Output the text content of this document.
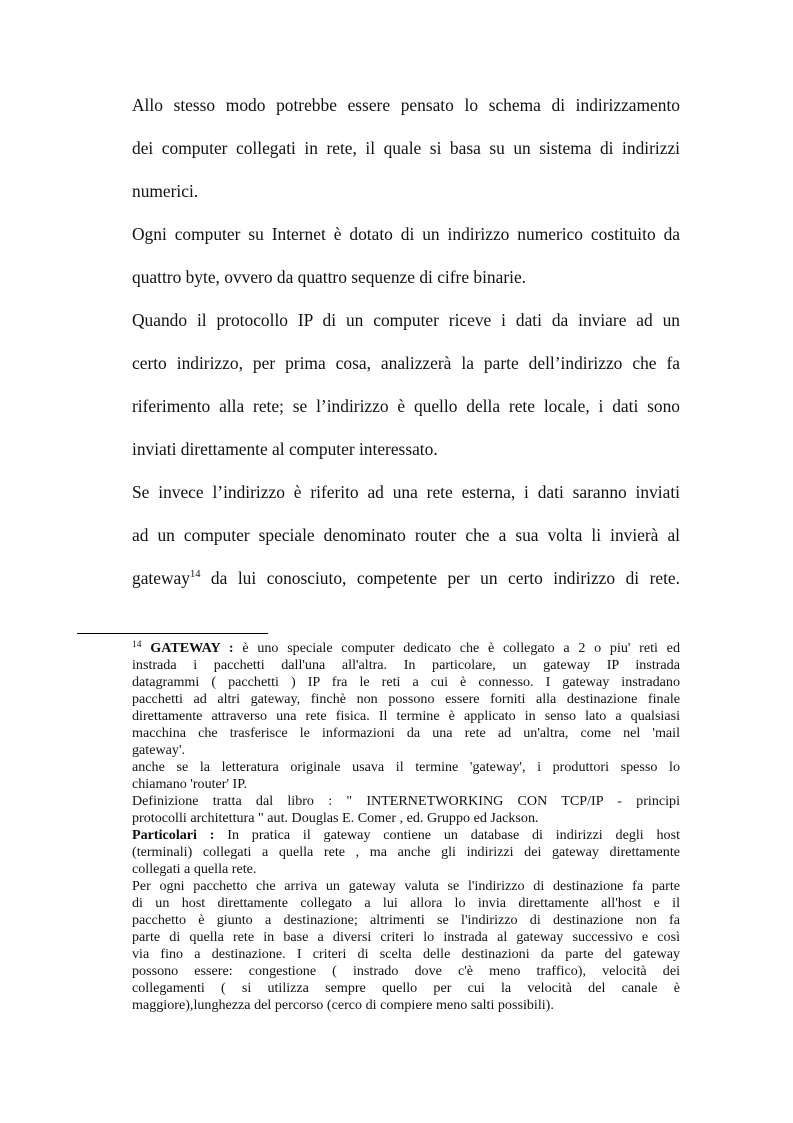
Allo stesso modo potrebbe essere pensato lo schema di indirizzamento
dei computer collegati in rete, il quale si basa su un sistema di indirizzi
numerici.
Ogni computer su Internet è dotato di un indirizzo numerico costituito da
quattro byte, ovvero da quattro sequenze di cifre binarie.
Quando il protocollo IP di un computer riceve i dati da inviare ad un
certo indirizzo, per prima cosa, analizzerà la parte dell’indirizzo che fa
riferimento alla rete; se l’indirizzo è quello della rete locale, i dati sono
inviati direttamente al computer interessato.
Se invece l’indirizzo è riferito ad una rete esterna, i dati saranno inviati
ad un computer speciale denominato router che a sua volta li invierà al
gateway$^{14}$ da lui conosciuto, competente per un certo indirizzo di rete.
$^{14}$ GATEWAY : è uno speciale computer dedicato che è collegato a 2 o piu' reti ed
instrada i pacchetti dall'una all'altra. In particolare, un gateway IP instrada
datagrammi ( pacchetti ) IP fra le reti a cui è connesso. I gateway instradano
pacchetti ad altri gateway, finchè non possono essere forniti alla destinazione finale
direttamente attraverso una rete fisica. Il termine è applicato in senso lato a qualsiasi
macchina che trasferisce le informazioni da una rete ad un'altra, come nel 'mail
gateway'.
anche se la letteratura originale usava il termine 'gateway', i produttori spesso lo
chiamano 'router' IP.
Definizione tratta dal libro : " INTERNETWORKING CON TCP/IP - principi
protocolli architettura " aut. Douglas E. Comer , ed. Gruppo ed Jackson.
Particolari : In pratica il gateway contiene un database di indirizzi degli host
(terminali) collegati a quella rete , ma anche gli indirizzi dei gateway direttamente
collegati a quella rete.
Per ogni pacchetto che arriva un gateway valuta se l'indirizzo di destinazione fa parte
di un host direttamente collegato a lui allora lo invia direttamente all'host e il
pacchetto è giunto a destinazione; altrimenti se l'indirizzo di destinazione non fa
parte di quella rete in base a diversi criteri lo instrada al gateway successivo e così
via fino a destinazione. I criteri di scelta delle destinazioni da parte del gateway
possono essere: congestione ( instrado dove c'è meno traffico), velocità dei
collegamenti ( si utilizza sempre quello per cui la velocità del canale è
maggiore),lunghezza del percorso (cerco di compiere meno salti possibili).
